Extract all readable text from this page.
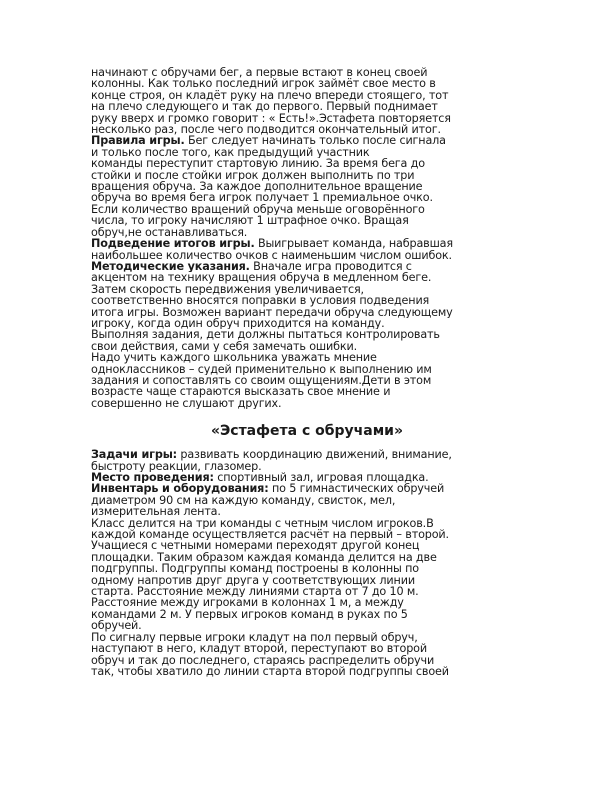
начинают с обручами бег, а первые встают в конец своей
колонны. Как только последний игрок займёт свое место в
конце строя, он кладёт руку на плечо впереди стоящего, тот
на плечо следующего и так до первого. Первый поднимает
руку вверх и громко говорит : « Есть!».Эстафета повторяется
несколько раз, после чего подводится окончательный итог.
Правила игры. Бег следует начинать только после сигнала
и только после того, как предыдущий участник
команды переступит стартовую линию. За время бега до
стойки и после стойки игрок должен выполнить по три
вращения обруча. За каждое дополнительное вращение
обруча во время бега игрок получает 1 премиальное очко.
Если количество вращений обруча меньше оговорённого
числа, то игроку начисляют 1 штрафное очко. Вращая
обруч,не останавливаться.
Подведение итогов игры. Выигрывает команда, набравшая
наибольшее количество очков с наименьшим числом ошибок.
Методические указания. Вначале игра проводится с
акцентом на технику вращения обруча в медленном беге.
Затем скорость передвижения увеличивается,
соответственно вносятся поправки в условия подведения
итога игры. Возможен вариант передачи обруча следующему
игроку, когда один обруч приходится на команду.
Выполняя задания, дети должны пытаться контролировать
свои действия, сами у себя замечать ошибки.
Надо учить каждого школьника уважать мнение
одноклассников – судей применительно к выполнению им
задания и сопоставлять со своим ощущениям.Дети в этом
возрасте чаще стараются высказать свое мнение и
совершенно не слушают других.
«Эстафета с обручами»
Задачи игры: развивать координацию движений, внимание,
быстроту реакции, глазомер.
Место проведения: спортивный зал, игровая площадка.
Инвентарь и оборудования: по 5 гимнастических обручей
диаметром 90 см на каждую команду, свисток, мел,
измерительная лента.
Класс делится на три команды с четным числом игроков.В
каждой команде осуществляется расчёт на первый – второй.
Учащиеся с четными номерами переходят другой конец
площадки. Таким образом каждая команда делится на две
подгруппы. Подгруппы команд построены в колонны по
одному напротив друг друга у соответствующих линии
старта. Расстояние между линиями старта от 7 до 10 м.
Расстояние между игроками в колоннах 1 м, а между
командами 2 м. У первых игроков команд в руках по 5
обручей.
По сигналу первые игроки кладут на пол первый обруч,
наступают в него, кладут второй, переступают во второй
обруч и так до последнего, стараясь распределить обручи
так, чтобы хватило до линии старта второй подгруппы своей
